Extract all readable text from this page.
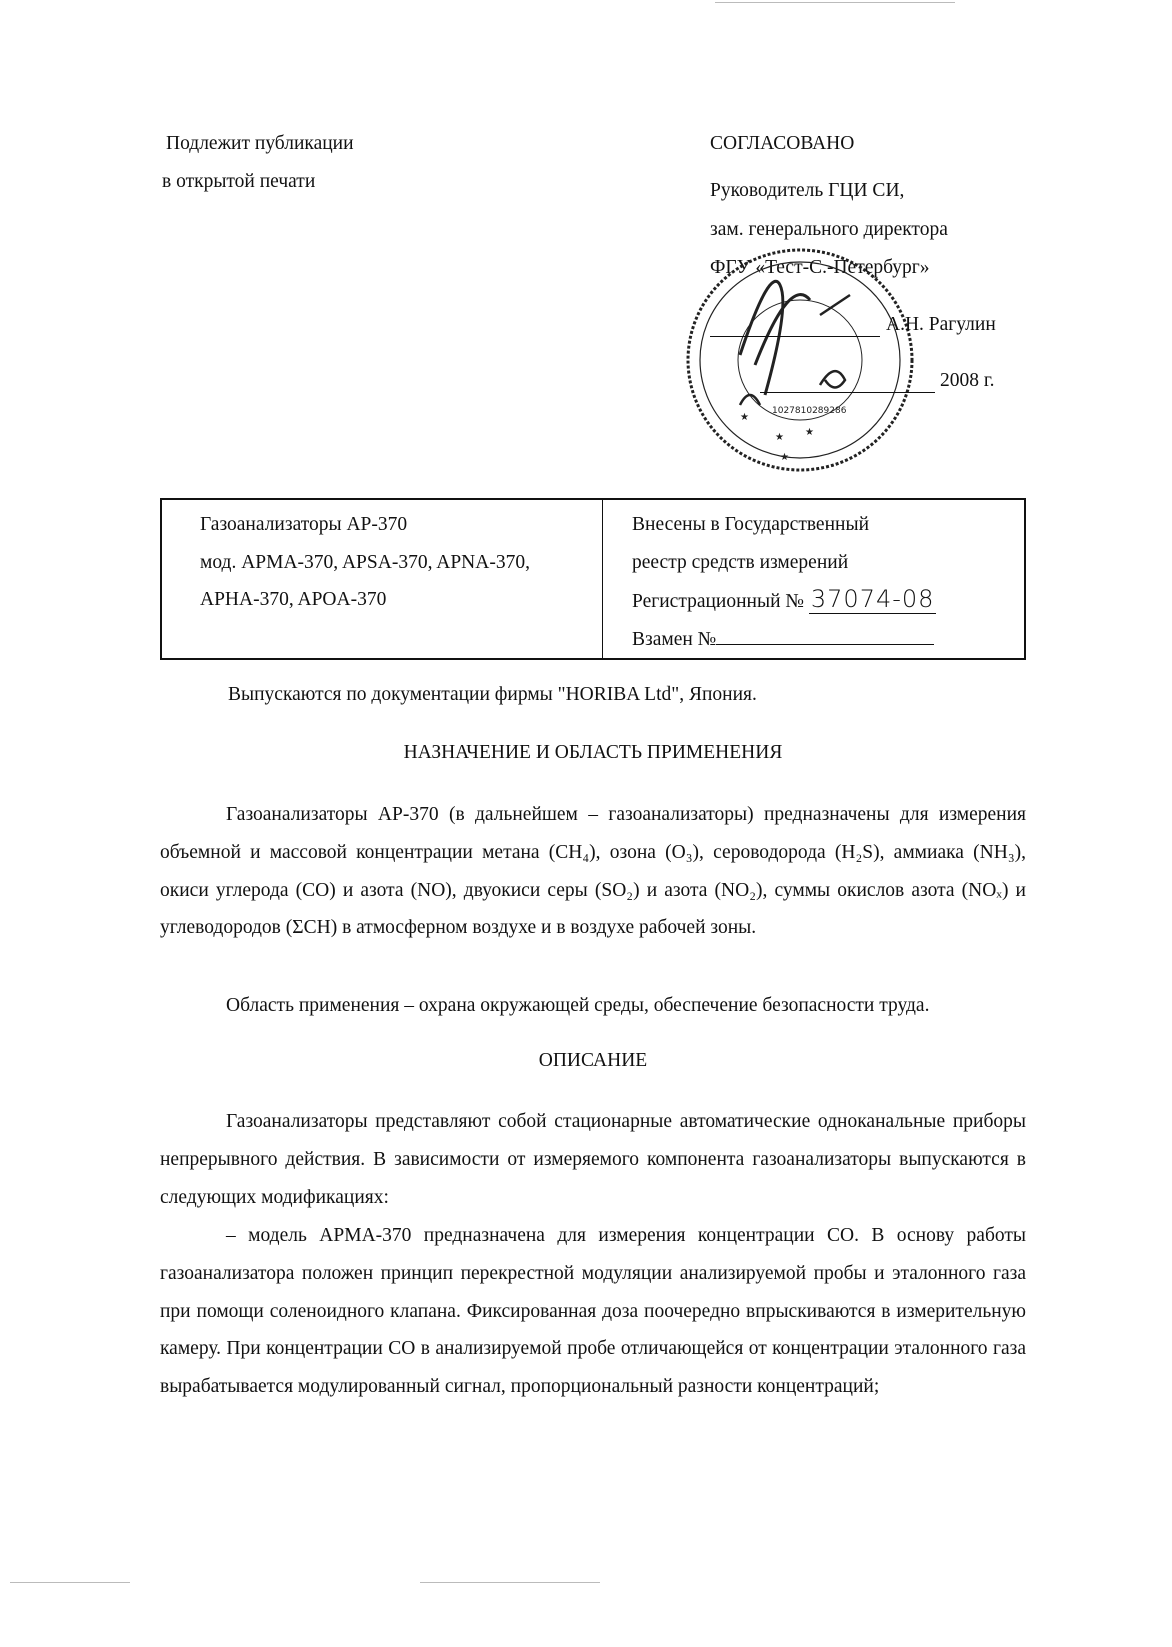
Подлежит публикации
в открытой печати
СОГЛАСОВАНО
Руководитель ГЦИ СИ,
зам. генерального директора
ФГУ «Тест-С.-Петербург»
★ ★
★
★
1027810289286
А.Н. Рагулин
2008 г.
Газоанализаторы АР-370
мод. APMA-370, APSA-370, APNA-370,
APHA-370, APOA-370
Внесены в Государственный
реестр средств измерений
Регистрационный № 37074-08
Взамен №
Выпускаются по документации фирмы "HORIBA Ltd", Япония.
НАЗНАЧЕНИЕ И ОБЛАСТЬ ПРИМЕНЕНИЯ
Газоанализаторы АР-370 (в дальнейшем – газоанализаторы) предназначены для измерения объемной и массовой концентрации метана (CH₄), озона (O₃), сероводорода (H₂S), аммиака (NH₃), окиси углерода (CO) и азота (NO), двуокиси серы (SO₂) и азота (NO₂), суммы окислов азота (NOₓ) и углеводородов (ΣCH) в атмосферном воздухе и в воздухе рабочей зоны.
Область применения – охрана окружающей среды, обеспечение безопасности труда.
ОПИСАНИЕ
Газоанализаторы представляют собой стационарные автоматические одноканальные приборы непрерывного действия. В зависимости от измеряемого компонента газоанализаторы выпускаются в следующих модификациях:
– модель APMA-370 предназначена для измерения концентрации СО. В основу работы газоанализатора положен принцип перекрестной модуляции анализируемой пробы и эталонного газа при помощи соленоидного клапана. Фиксированная доза поочередно впрыскиваются в измерительную камеру. При концентрации СО в анализируемой пробе отличающейся от концентрации эталонного газа вырабатывается модулированный сигнал, пропорциональный разности концентраций;
